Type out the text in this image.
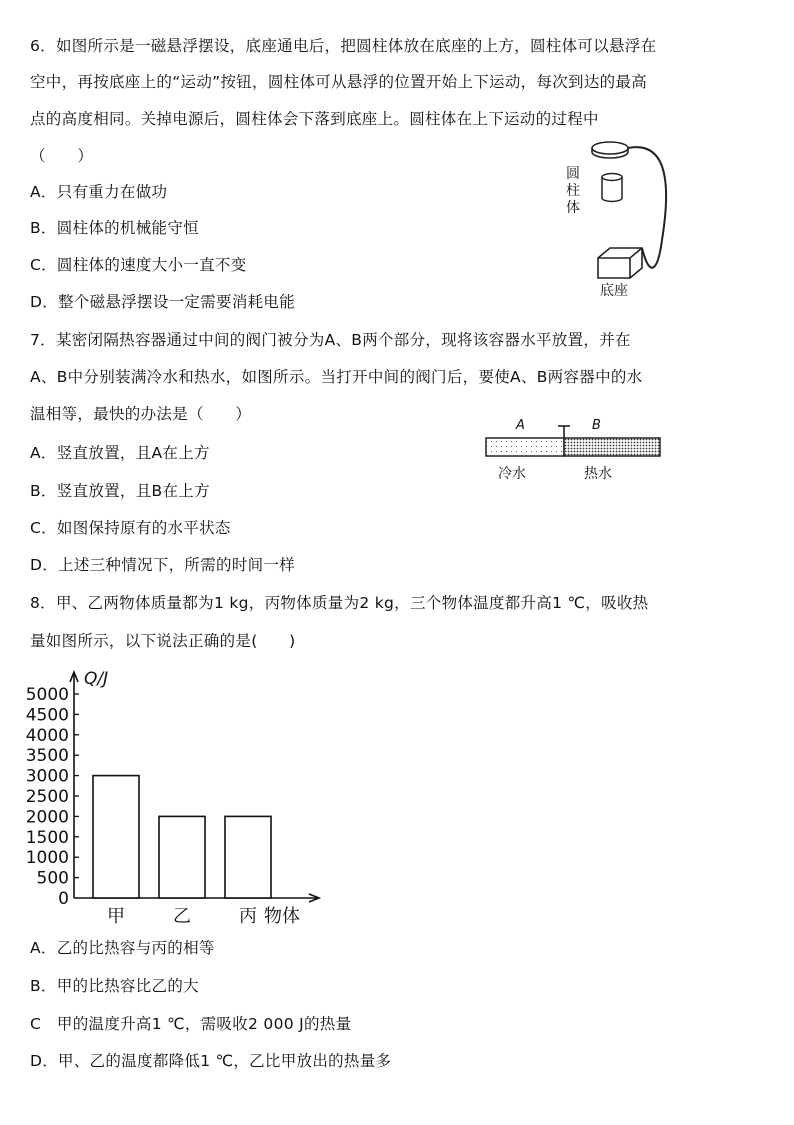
6．如图所示是一磁悬浮摆设，底座通电后，把圆柱体放在底座的上方，圆柱体可以悬浮在
空中，再按底座上的“运动”按钮，圆柱体可从悬浮的位置开始上下运动，每次到达的最高
点的高度相同。关掉电源后，圆柱体会下落到底座上。圆柱体在上下运动的过程中
（　　）
A．只有重力在做功
B．圆柱体的机械能守恒
C．圆柱体的速度大小一直不变
D．整个磁悬浮摆设一定需要消耗电能
圆柱体
底座
7．某密闭隔热容器通过中间的阀门被分为A、B两个部分，现将该容器水平放置，并在
A、B中分别装满冷水和热水，如图所示。当打开中间的阀门后，要使A、B两容器中的水
温相等，最快的办法是（　　）
A．竖直放置，且A在上方
B．竖直放置，且B在上方
C．如图保持原有的水平状态
D．上述三种情况下，所需的时间一样
A	B
冷水	热水
8．甲、乙两物体质量都为1 kg，丙物体质量为2 kg，三个物体温度都升高1 ℃，吸收热
量如图所示，以下说法正确的是(　　)
0
500
1000
1500
2000
2500
3000
3500
4000
4500
5000
Q/J
甲	乙	丙 物体
A．乙的比热容与丙的相等
B．甲的比热容比乙的大
C　甲的温度升高1 ℃，需吸收2 000 J的热量
D．甲、乙的温度都降低1 ℃，乙比甲放出的热量多
